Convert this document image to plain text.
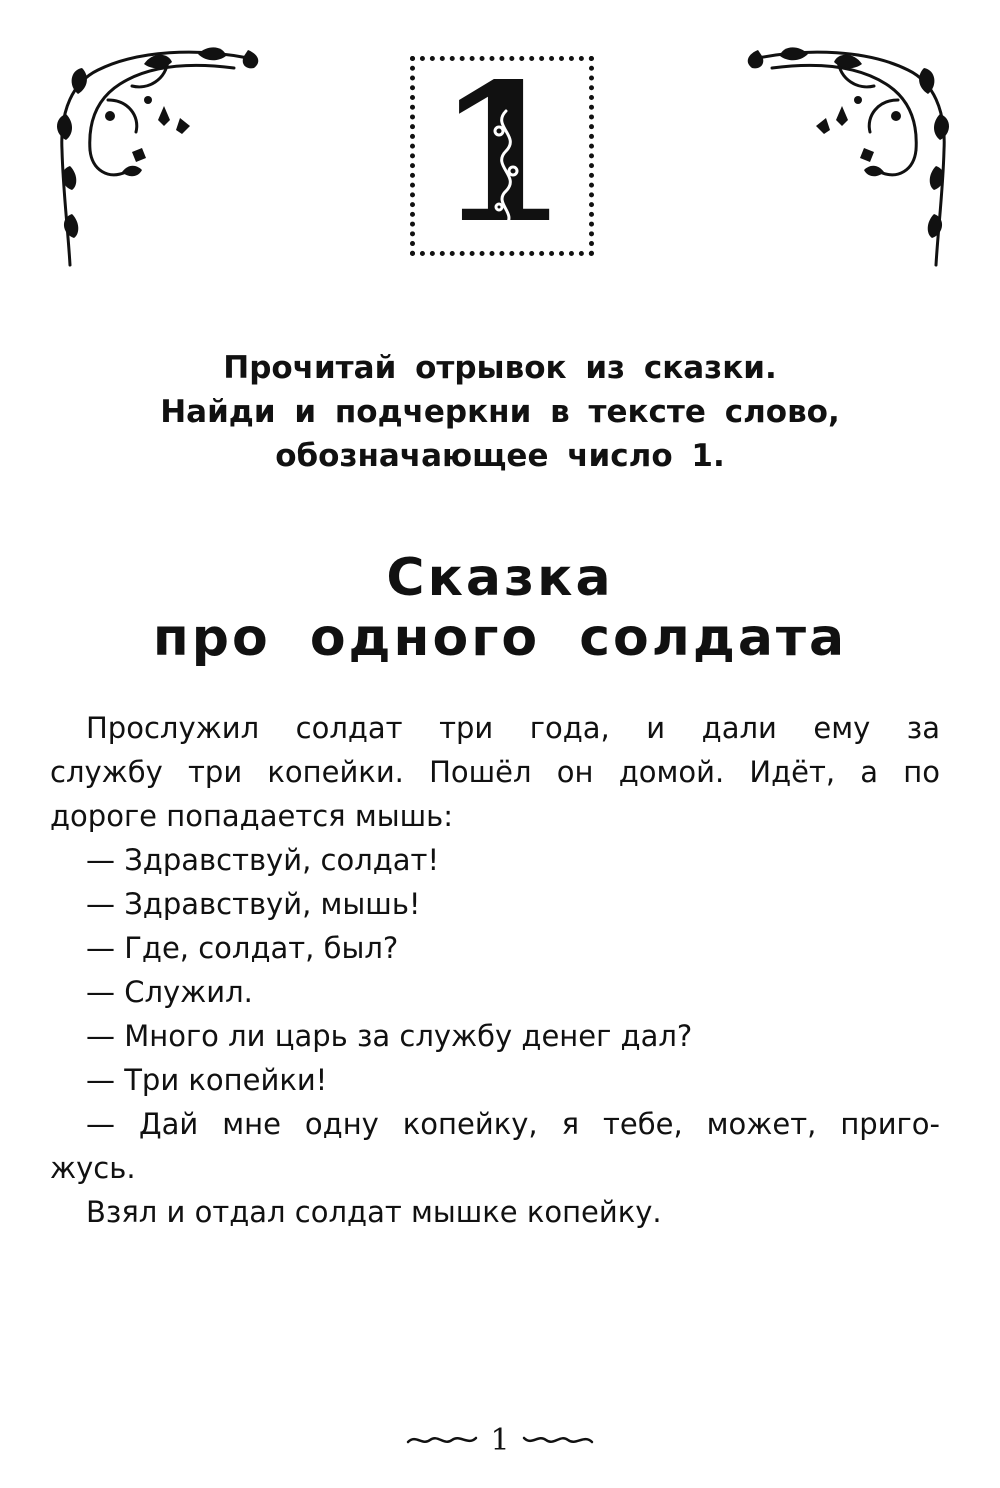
1
Прочитай отрывок из сказки.
Найди и подчеркни в тексте слово,
обозначающее число 1.
Сказка
про одного солдата
Прослужил солдат три года, и дали ему за
службу три копейки. Пошёл он домой. Идёт, а по
дороге попадается мышь:
— Здравствуй, солдат!
— Здравствуй, мышь!
— Где, солдат, был?
— Служил.
— Много ли царь за службу денег дал?
— Три копейки!
— Дай мне одну копейку, я тебе, может, приго-
жусь.
Взял и отдал солдат мышке копейку.
1
